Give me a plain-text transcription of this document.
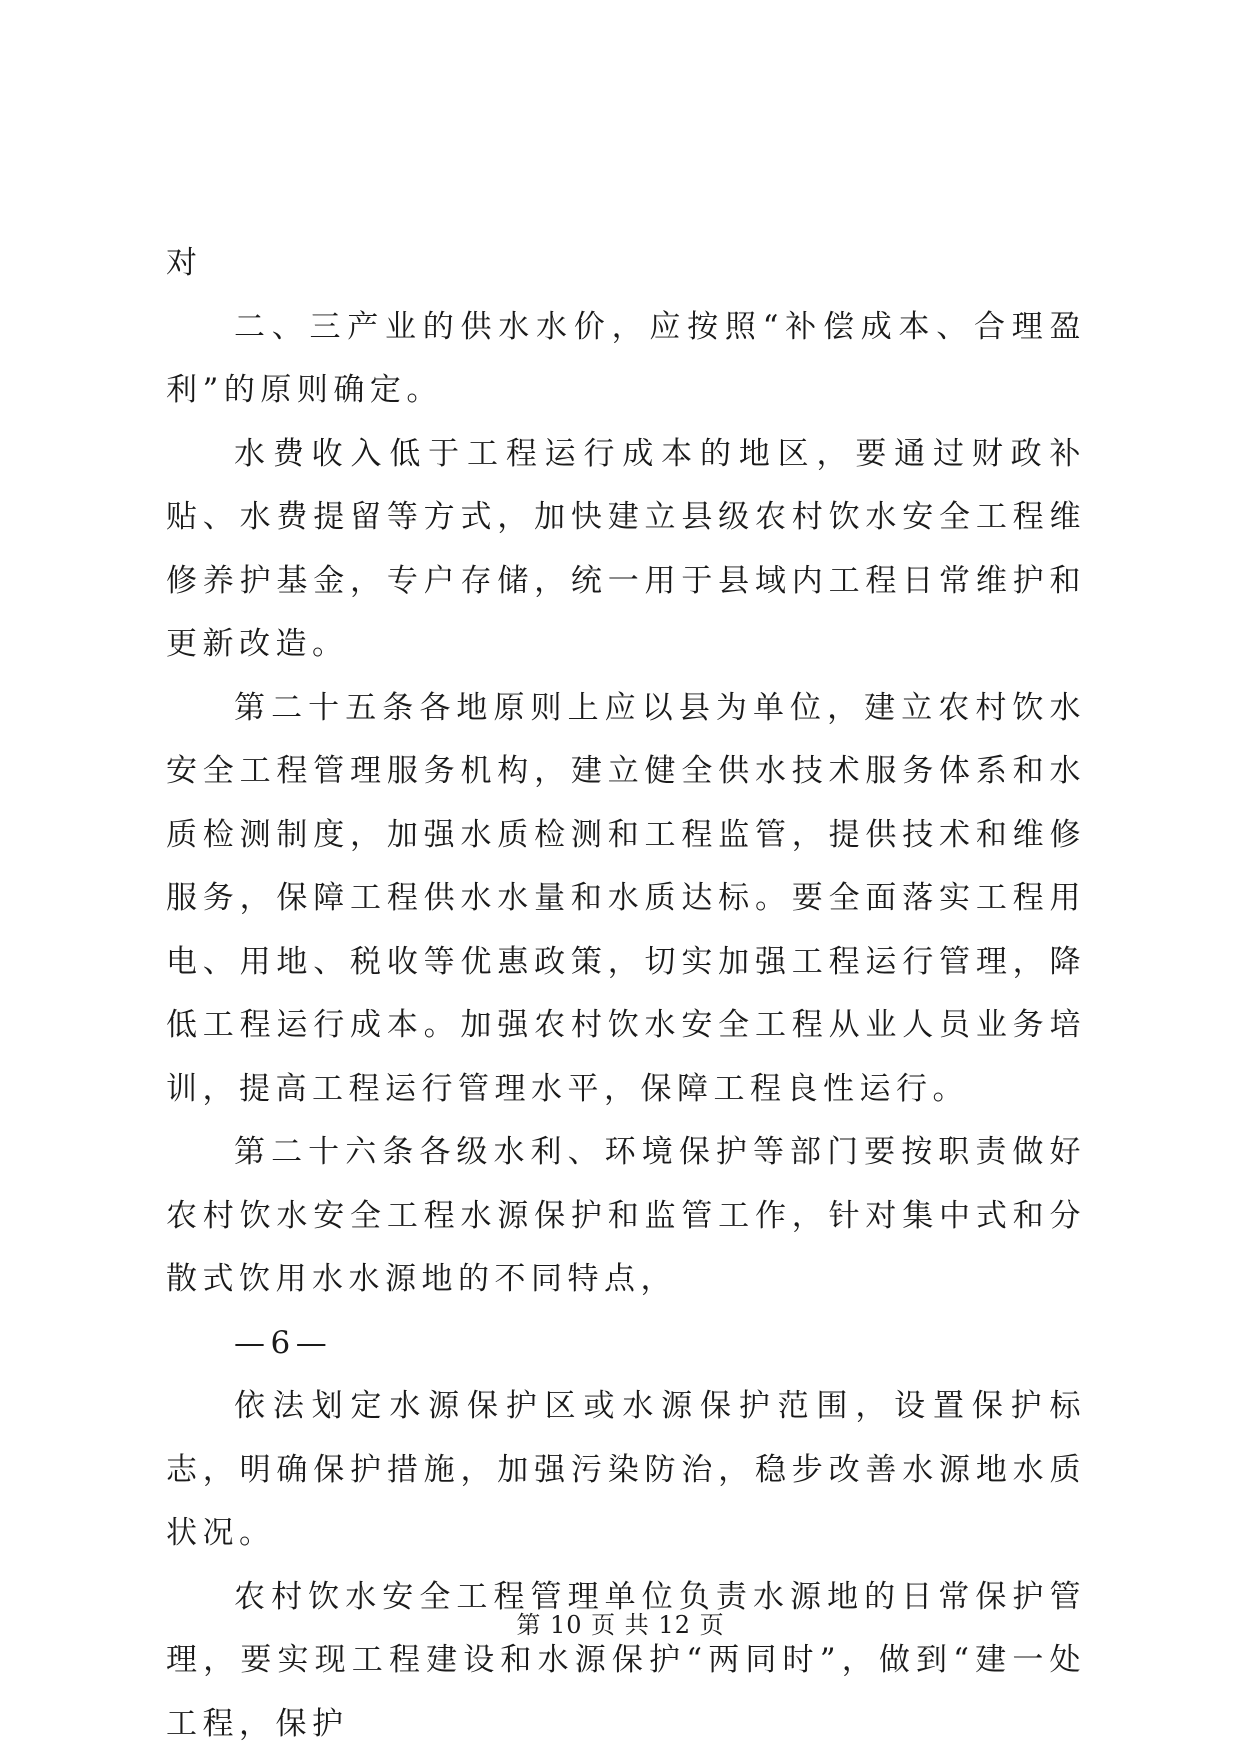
对

二、三产业的供水水价，应按照“补偿成本、合理盈利”的原则确定。

水费收入低于工程运行成本的地区，要通过财政补贴、水费提留等方式，加快建立县级农村饮水安全工程维修养护基金，专户存储，统一用于县域内工程日常维护和更新改造。

第二十五条各地原则上应以县为单位，建立农村饮水安全工程管理服务机构，建立健全供水技术服务体系和水质检测制度，加强水质检测和工程监管，提供技术和维修服务，保障工程供水水量和水质达标。要全面落实工程用电、用地、税收等优惠政策，切实加强工程运行管理，降低工程运行成本。加强农村饮水安全工程从业人员业务培训，提高工程运行管理水平，保障工程良性运行。

第二十六条各级水利、环境保护等部门要按职责做好农村饮水安全工程水源保护和监管工作，针对集中式和分散式饮用水水源地的不同特点，

—6—

依法划定水源保护区或水源保护范围，设置保护标志，明确保护措施，加强污染防治，稳步改善水源地水质状况。

农村饮水安全工程管理单位负责水源地的日常保护管理，要实现工程建设和水源保护“两同时”，做到“建一处工程，保护

第 10 页 共 12 页
